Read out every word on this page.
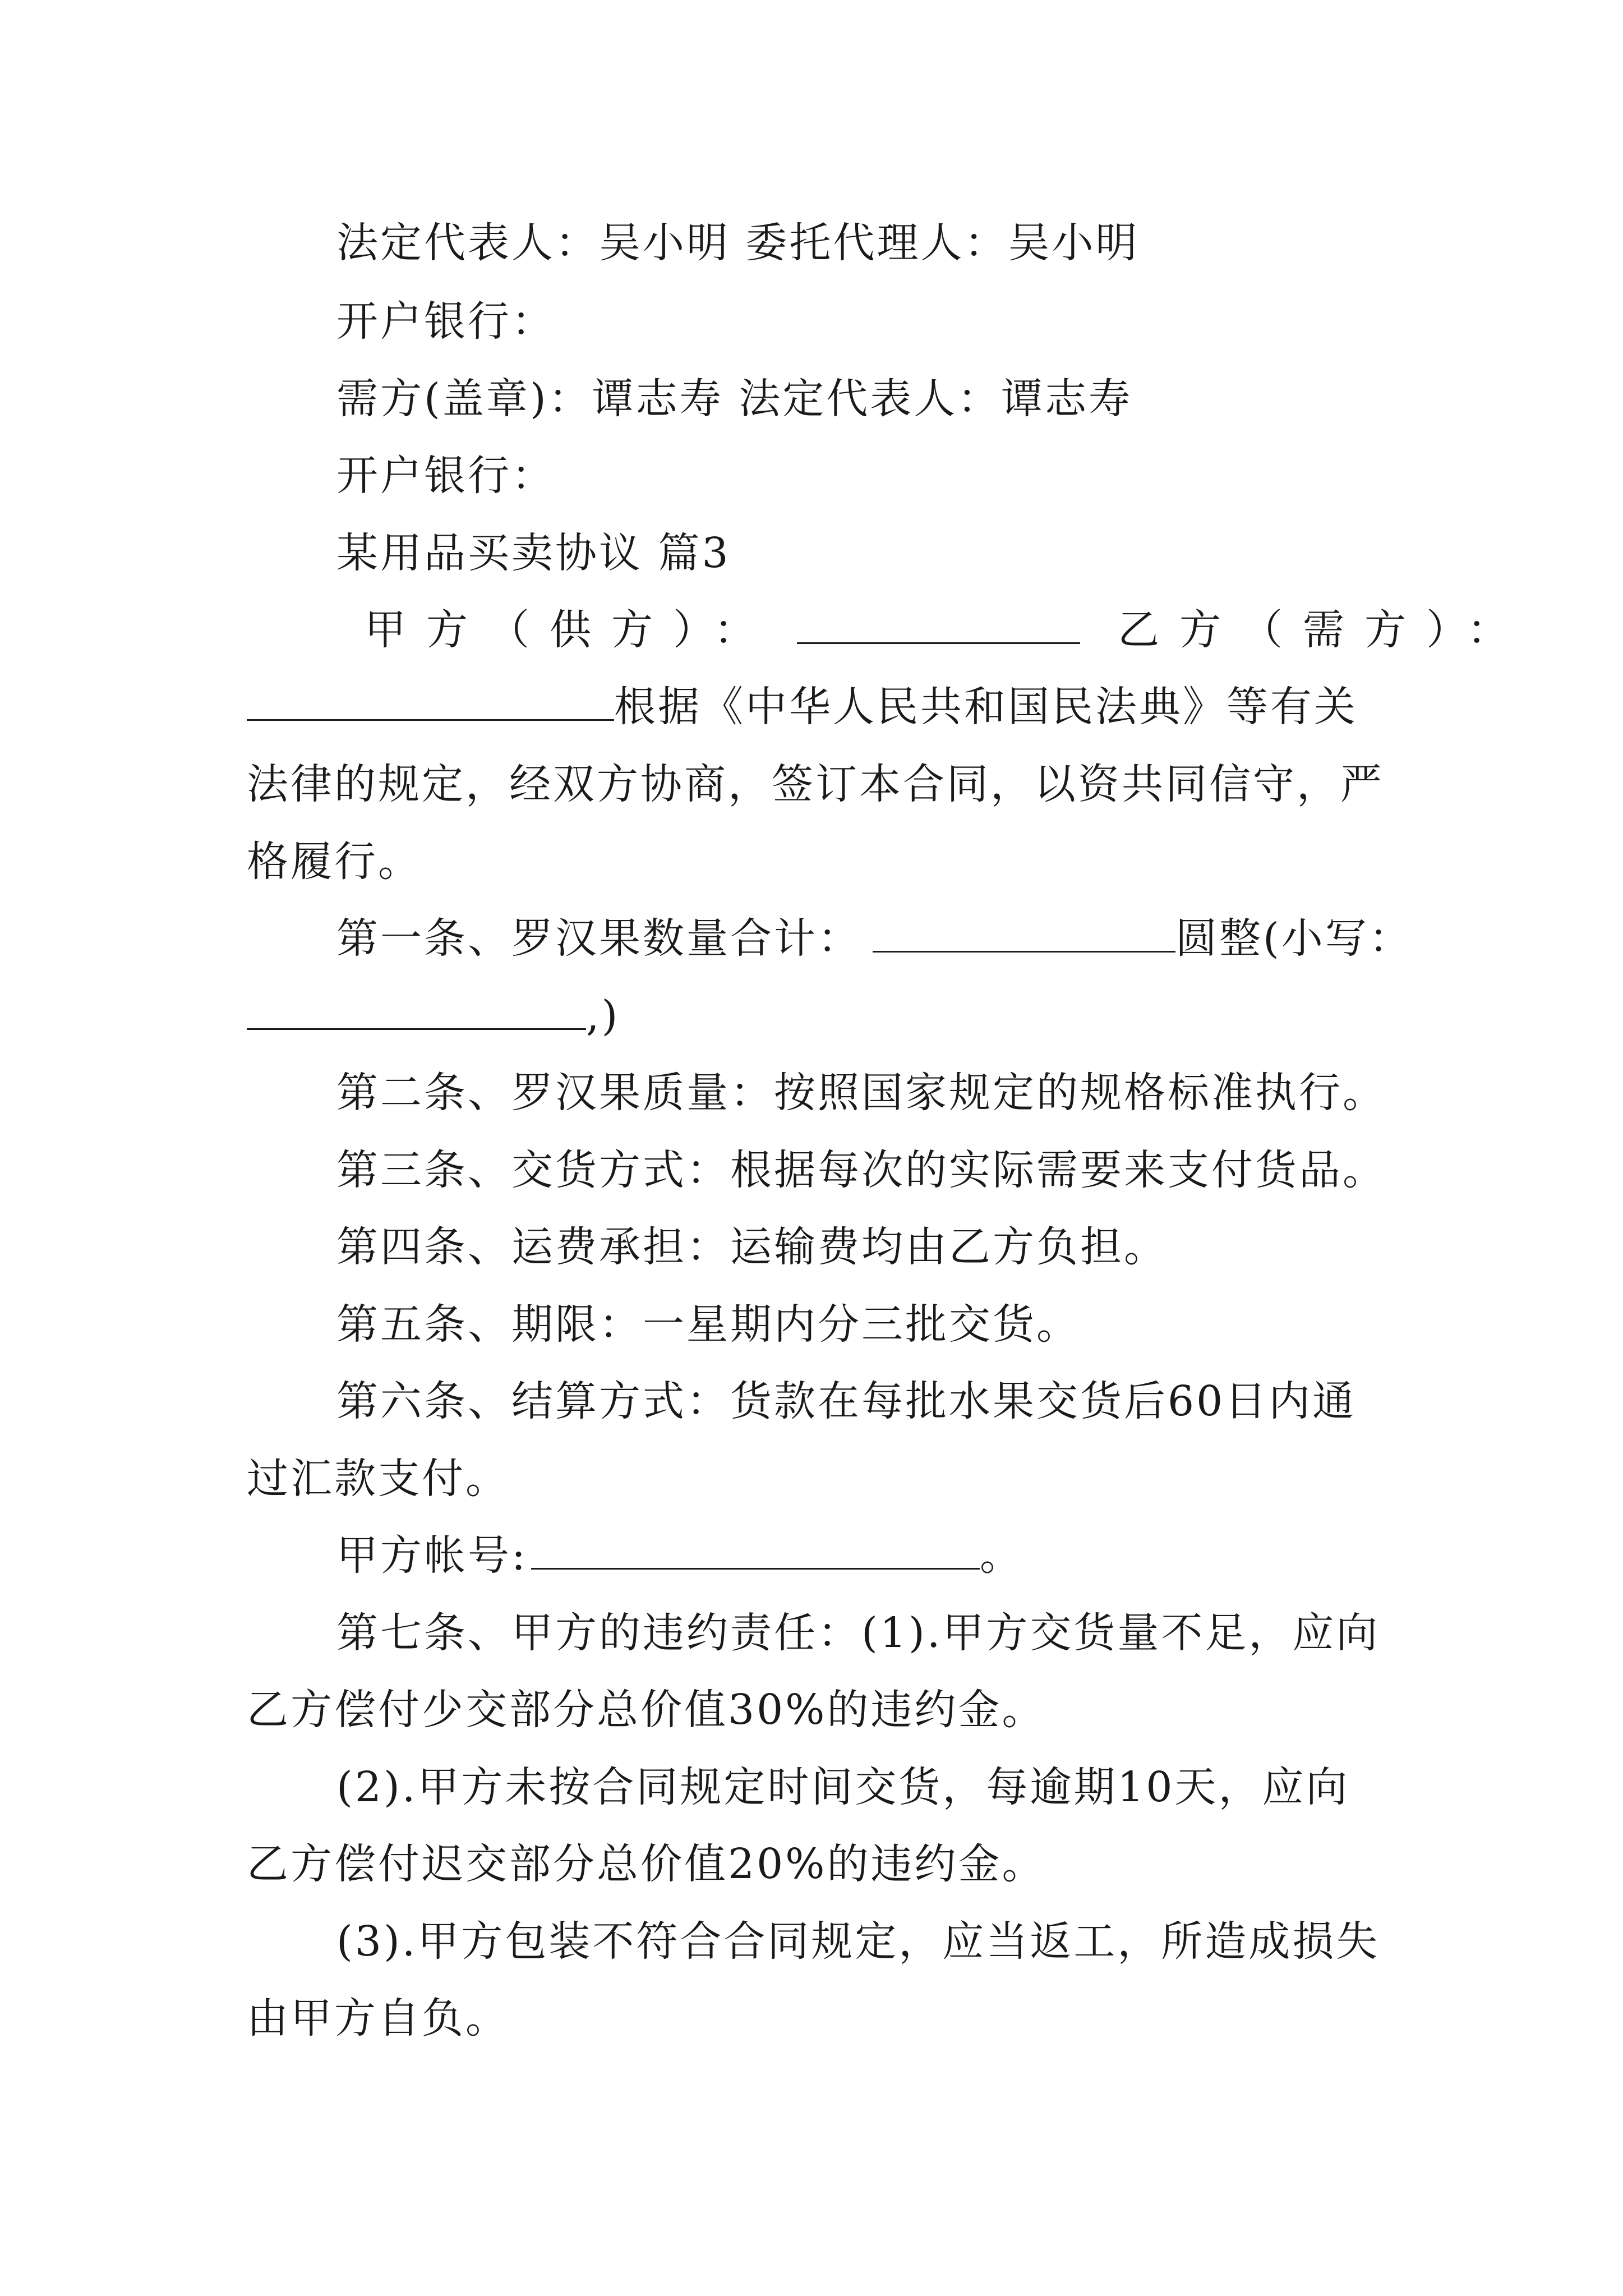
法定代表人：吴小明 委托代理人：吴小明
开户银行：
需方(盖章)：谭志寿 法定代表人：谭志寿
开户银行：
某用品买卖协议 篇3
甲方（供方）：	乙方（需方）：
根据《中华人民共和国民法典》等有关
法律的规定，经双方协商，签订本合同，以资共同信守，严
格履行。
第一条、罗汉果数量合计：	圆整(小写：
,)
第二条、罗汉果质量：按照国家规定的规格标准执行。
第三条、交货方式：根据每次的实际需要来支付货品。
第四条、运费承担：运输费均由乙方负担。
第五条、期限：一星期内分三批交货。
第六条、结算方式：货款在每批水果交货后60日内通
过汇款支付。
甲方帐号:	。
第七条、甲方的违约责任：(1).甲方交货量不足，应向
乙方偿付少交部分总价值30%的违约金。
(2).甲方未按合同规定时间交货，每逾期10天，应向
乙方偿付迟交部分总价值20%的违约金。
(3).甲方包装不符合合同规定，应当返工，所造成损失
由甲方自负。
